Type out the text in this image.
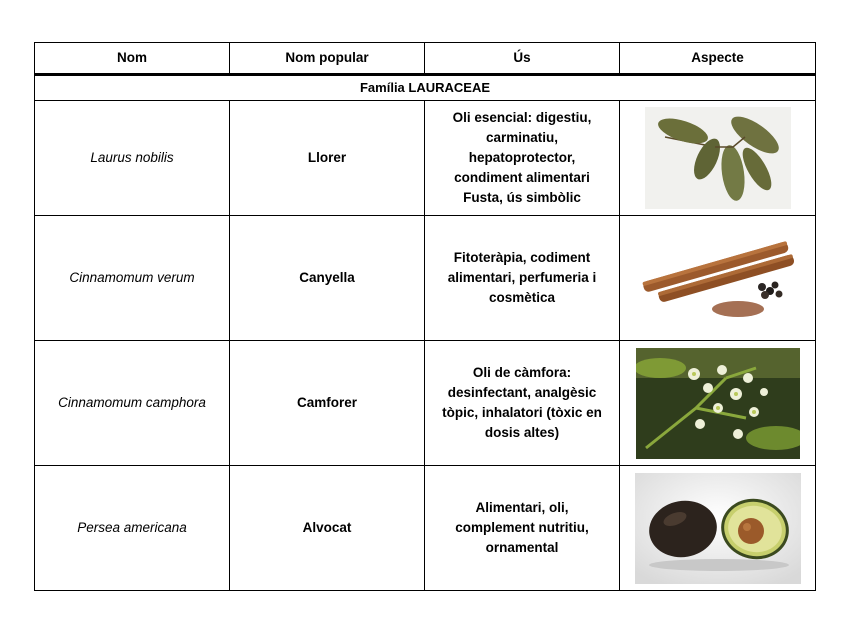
Nom	Nom popular	Ús	Aspecte
Família LAURACEAE			
Laurus nobilis	Llorer	Oli esencial: digestiu,
carminatiu,
hepatoprotector,
condiment alimentari
Fusta, ús simbòlic

Cinnamomum verum	Canyella	Fitoteràpia, codiment
alimentari, perfumeria i
cosmètica

Cinnamomum camphora	Camforer	Oli de càmfora:
desinfectant, analgèsic
tòpic, inhalatori (tòxic en
dosis altes)

Persea americana	Alvocat	Alimentari, oli,
complement nutritiu,
ornamental
